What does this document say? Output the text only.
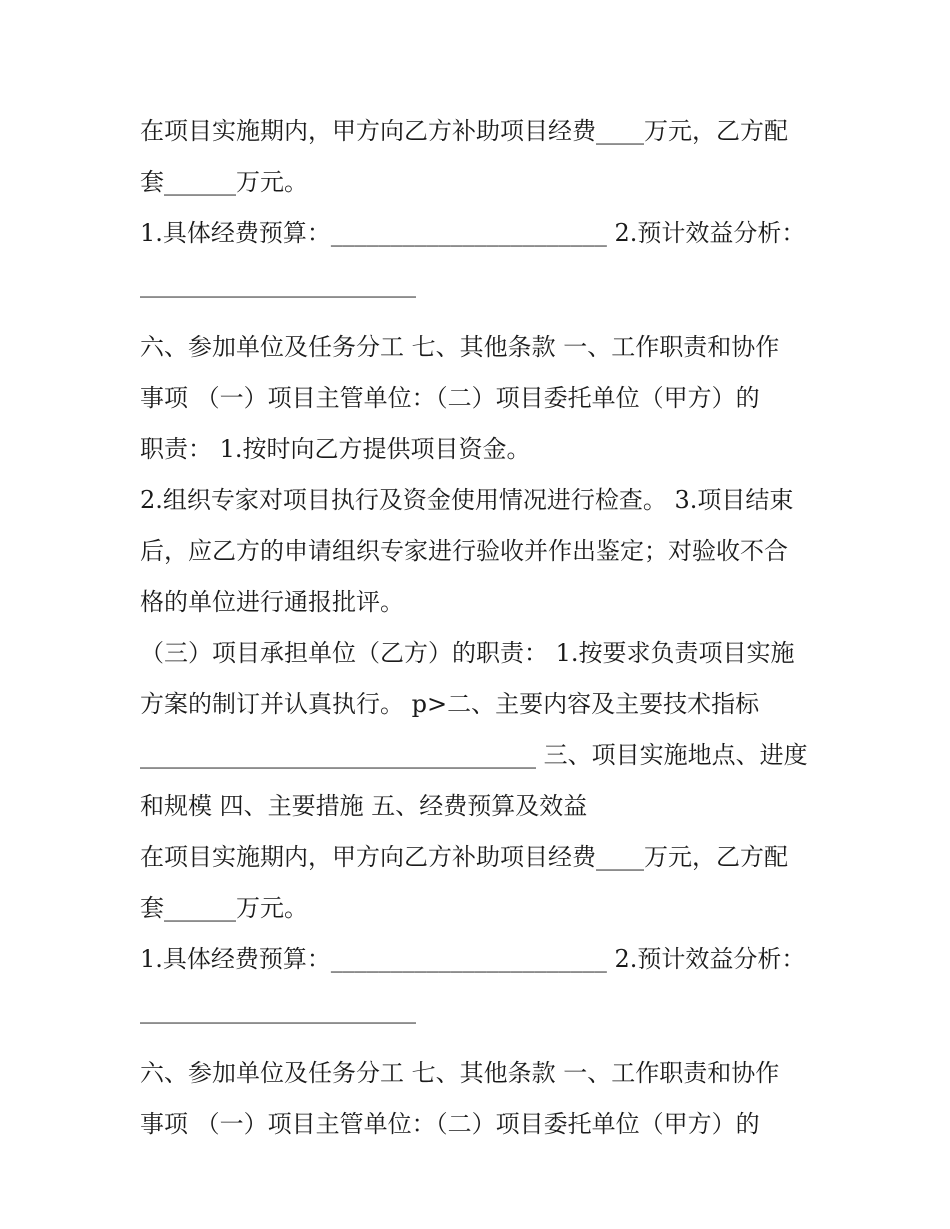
在项目实施期内，甲方向乙方补助项目经费____万元，乙方配
套______万元。
1.具体经费预算：_______________________ 2.预计效益分析：
_______________________
六、参加单位及任务分工 七、其他条款 一、工作职责和协作
事项 （一）项目主管单位：（二）项目委托单位（甲方）的
职责： 1.按时向乙方提供项目资金。
2.组织专家对项目执行及资金使用情况进行检查。 3.项目结束
后，应乙方的申请组织专家进行验收并作出鉴定；对验收不合
格的单位进行通报批评。
（三）项目承担单位（乙方）的职责： 1.按要求负责项目实施
方案的制订并认真执行。 p>二、主要内容及主要技术指标
_________________________________ 三、项目实施地点、进度
和规模 四、主要措施 五、经费预算及效益
在项目实施期内，甲方向乙方补助项目经费____万元，乙方配
套______万元。
1.具体经费预算：_______________________ 2.预计效益分析：
_______________________
六、参加单位及任务分工 七、其他条款 一、工作职责和协作
事项 （一）项目主管单位：（二）项目委托单位（甲方）的
